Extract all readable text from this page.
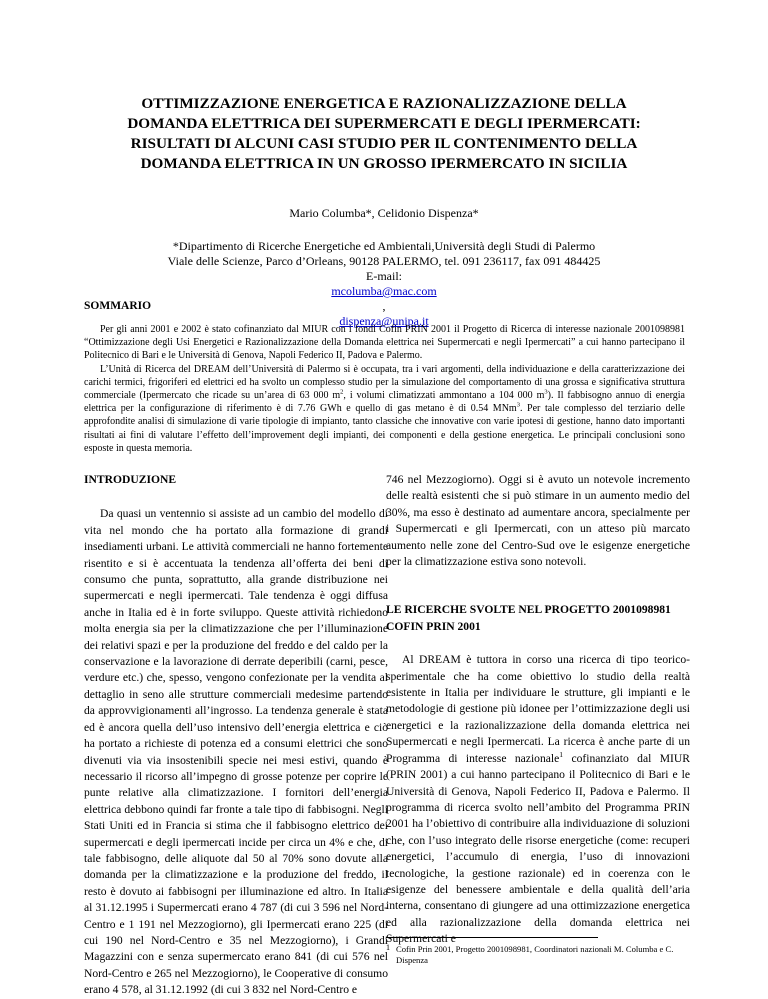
OTTIMIZZAZIONE ENERGETICA E RAZIONALIZZAZIONE DELLA
DOMANDA ELETTRICA DEI SUPERMERCATI E DEGLI IPERMERCATI:
RISULTATI DI ALCUNI CASI STUDIO PER IL CONTENIMENTO DELLA
DOMANDA ELETTRICA IN UN GROSSO IPERMERCATO IN SICILIA
Mario Columba*, Celidonio Dispenza*
*Dipartimento di Ricerche Energetiche ed Ambientali,Università degli Studi di Palermo
Viale delle Scienze, Parco d’Orleans, 90128 PALERMO, tel. 091 236117, fax 091 484425
E-mail:
mcolumba@mac.com
,
dispenza@unipa.it
SOMMARIO

Per gli anni 2001 e 2002 è stato cofinanziato dal MIUR con i fondi Cofin PRIN 2001 il Progetto di Ricerca di interesse nazionale 2001098981 “Ottimizzazione degli Usi Energetici e Razionalizzazione della Domanda elettrica nei Supermercati e negli Ipermercati” a cui hanno partecipano il Politecnico di Bari e le Università di Genova, Napoli Federico II, Padova e Palermo.

L’Unità di Ricerca del DREAM dell’Università di Palermo si è occupata, tra i vari argomenti, della individuazione e della caratterizzazione dei carichi termici, frigoriferi ed elettrici ed ha svolto un complesso studio per la simulazione del comportamento di una grossa e significativa struttura commerciale (Ipermercato che ricade su un’area di 63 000 $m^2$, i volumi climatizzati ammontano a 104 000 $m^3$). Il fabbisogno annuo di energia elettrica per la configurazione di riferimento è di 7.76 GWh e quello di gas metano è di 0.54 MNm$^3$. Per tale complesso del terziario delle approfondite analisi di simulazione di varie tipologie di impianto, tanto classiche che innovative con varie ipotesi di gestione, hanno dato importanti risultati ai fini di valutare l’effetto dell’improvement degli impianti, dei componenti e della gestione energetica. Le principali conclusioni sono esposte in questa memoria.

INTRODUZIONE

Da quasi un ventennio si assiste ad un cambio del modello di vita nel mondo che ha portato alla formazione di grandi insediamenti urbani. Le attività commerciali ne hanno fortemente risentito e si è accentuata la tendenza all’offerta dei beni di consumo che punta, soprattutto, alla grande distribuzione nei supermercati e negli ipermercati. Tale tendenza è oggi diffusa anche in Italia ed è in forte sviluppo. Queste attività richiedono molta energia sia per la climatizzazione che per l’illuminazione dei relativi spazi e per la produzione del freddo e del caldo per la conservazione e la lavorazione di derrate deperibili (carni, pesce, verdure etc.) che, spesso, vengono confezionate per la vendita al dettaglio in seno alle strutture commerciali medesime partendo da approvvigionamenti all’ingrosso. La tendenza generale è stata ed è ancora quella dell’uso intensivo dell’energia elettrica e ciò ha portato a richieste di potenza ed a consumi elettrici che sono divenuti via via insostenibili specie nei mesi estivi, quando è necessario il ricorso all’impegno di grosse potenze per coprire le punte relative alla climatizzazione. I fornitori dell’energia elettrica debbono quindi far fronte a tale tipo di fabbisogni. Negli Stati Uniti ed in Francia si stima che il fabbisogno elettrico dei supermercati e degli ipermercati incide per circa un 4% e che, di tale fabbisogno, delle aliquote dal 50 al 70% sono dovute alla domanda per la climatizzazione e la produzione del freddo, il resto è dovuto ai fabbisogni per illuminazione ed altro. In Italia al 31.12.1995 i Supermercati erano 4 787 (di cui 3 596 nel Nord-Centro e 1 191 nel Mezzogiorno), gli Ipermercati erano 225 (di cui 190 nel Nord-Centro e 35 nel Mezzogiorno), i Grandi Magazzini con e senza supermercato erano 841 (di cui 576 nel Nord-Centro e 265 nel Mezzogiorno), le Cooperative di consumo erano 4 578, al 31.12.1992 (di cui 3 832 nel Nord-Centro e

746 nel Mezzogiorno). Oggi si è avuto un notevole incremento delle realtà esistenti che si può stimare in un aumento medio del 30%, ma esso è destinato ad aumentare ancora, specialmente per i Supermercati e gli Ipermercati, con un atteso più marcato aumento nelle zone del Centro-Sud ove le esigenze energetiche per la climatizzazione estiva sono notevoli.

LE RICERCHE SVOLTE NEL PROGETTO 2001098981
COFIN PRIN 2001

Al DREAM è tuttora in corso una ricerca di tipo teorico-sperimentale che ha come obiettivo lo studio della realtà esistente in Italia per individuare le strutture, gli impianti e le metodologie di gestione più idonee per l’ottimizzazione degli usi energetici e la razionalizzazione della domanda elettrica nei Supermercati e negli Ipermercati. La ricerca è anche parte di un Programma di interesse nazionale$^1$ cofinanziato dal MIUR (PRIN 2001) a cui hanno partecipano il Politecnico di Bari e le Università di Genova, Napoli Federico II, Padova e Palermo. Il programma di ricerca svolto nell’ambito del Programma PRIN 2001 ha l’obiettivo di contribuire alla individuazione di soluzioni che, con l’uso integrato delle risorse energetiche (come: recuperi energetici, l’accumulo di energia, l’uso di innovazioni tecnologiche, la gestione razionale) ed in coerenza con le esigenze del benessere ambientale e della qualità dell’aria interna, consentano di giungere ad una ottimizzazione energetica ed alla razionalizzazione della domanda elettrica nei Supermercati e

1 Cofin Prin 2001, Progetto 2001098981, Coordinatori nazionali M. Columba e C. Dispenza
